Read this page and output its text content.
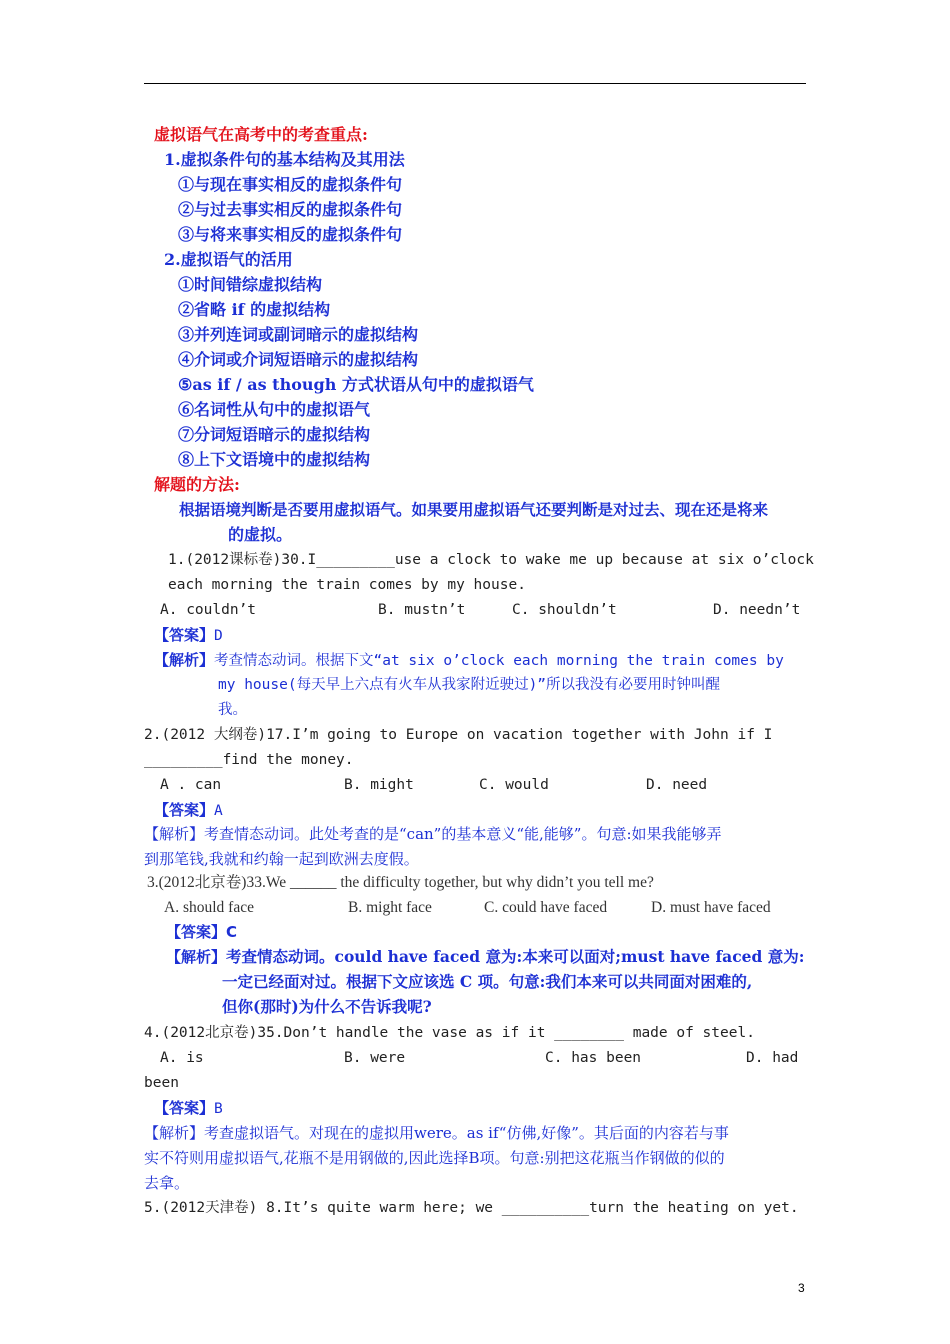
虚拟语气在高考中的考查重点:
1.虚拟条件句的基本结构及其用法
①与现在事实相反的虚拟条件句
②与过去事实相反的虚拟条件句
③与将来事实相反的虚拟条件句
2.虚拟语气的活用
①时间错综虚拟结构
②省略 if 的虚拟结构
③并列连词或副词暗示的虚拟结构
④介词或介词短语暗示的虚拟结构
⑤as if / as though 方式状语从句中的虚拟语气
⑥名词性从句中的虚拟语气
⑦分词短语暗示的虚拟结构
⑧上下文语境中的虚拟结构
解题的方法:
根据语境判断是否要用虚拟语气。如果要用虚拟语气还要判断是对过去、现在还是将来
的虚拟。
1.(2012课标卷)30.I_________use a clock to wake me up because at six o’clock
each morning the train comes by my house.
A. couldn’t	B. mustn’t	C. shouldn’t	D. needn’t
【答案】D
【解析】考查情态动词。根据下文“at six o’clock each morning the train comes by
my house(每天早上六点有火车从我家附近驶过)”所以我没有必要用时钟叫醒
我。
2.(2012 大纲卷)17.I’m going to Europe on vacation together with John if I
_________find the money.
A . can	B. might	C. would	D. need
【答案】A
【解析】考查情态动词。此处考查的是“can”的基本意义“能,能够”。句意:如果我能够弄
到那笔钱,我就和约翰一起到欧洲去度假。
3.(2012北京卷)33.We ______ the difficulty together, but why didn’t you tell me?
A. should face	B. might face	C. could have faced	D. must have faced
【答案】C
【解析】考查情态动词。could have faced 意为:本来可以面对;must have faced 意为:
一定已经面对过。根据下文应该选 C 项。句意:我们本来可以共同面对困难的,
但你(那时)为什么不告诉我呢?
4.(2012北京卷)35.Don’t handle the vase as if it ________ made of steel.
A. is	B. were	C. has been	D. had
been
【答案】B
【解析】考查虚拟语气。对现在的虚拟用were。as if“仿佛,好像”。其后面的内容若与事
实不符则用虚拟语气,花瓶不是用钢做的,因此选择B项。句意:别把这花瓶当作钢做的似的
去拿。
5.(2012天津卷) 8.It’s quite warm here; we __________turn the heating on yet.
3
